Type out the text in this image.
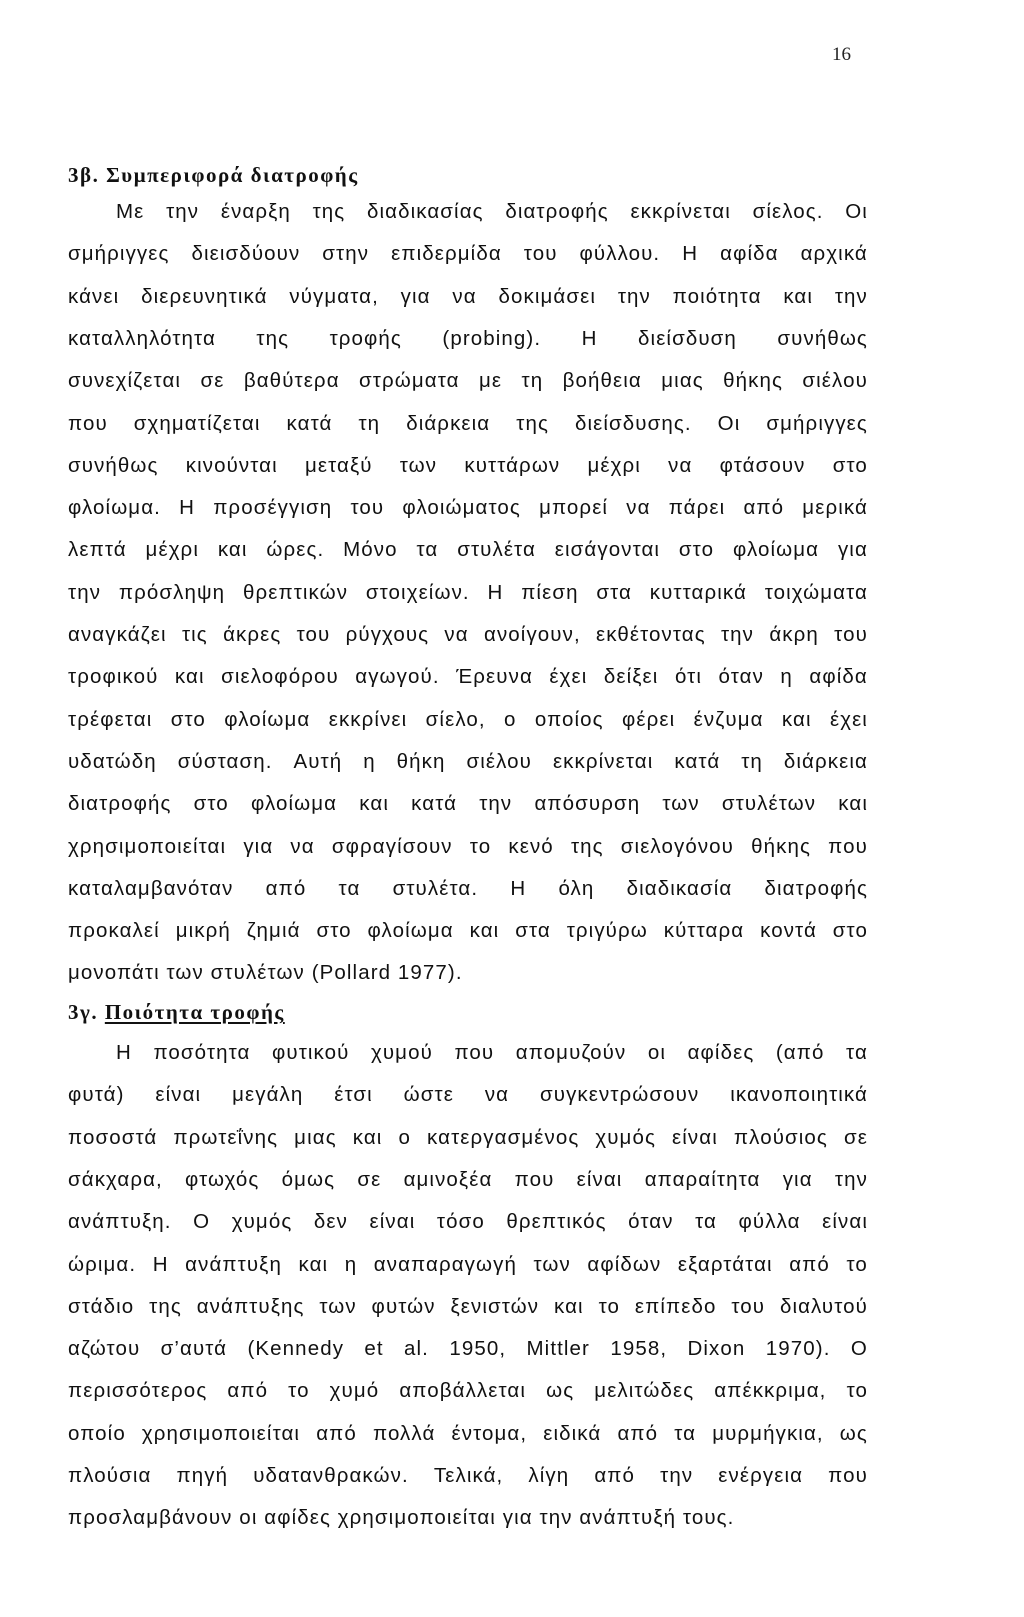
16
3β. Συμπεριφορά διατροφής
Με την έναρξη της διαδικασίας διατροφής εκκρίνεται σίελος. Οι
σμήριγγες διεισδύουν στην επιδερμίδα του φύλλου. Η αφίδα αρχικά
κάνει διερευνητικά νύγματα, για να δοκιμάσει την ποιότητα και την
καταλληλότητα της τροφής (probing). Η διείσδυση συνήθως
συνεχίζεται σε βαθύτερα στρώματα με τη βοήθεια μιας θήκης σιέλου
που σχηματίζεται κατά τη διάρκεια της διείσδυσης. Οι σμήριγγες
συνήθως κινούνται μεταξύ των κυττάρων μέχρι να φτάσουν στο
φλοίωμα. Η προσέγγιση του φλοιώματος μπορεί να πάρει από μερικά
λεπτά μέχρι και ώρες. Μόνο τα στυλέτα εισάγονται στο φλοίωμα για
την πρόσληψη θρεπτικών στοιχείων. Η πίεση στα κυτταρικά τοιχώματα
αναγκάζει τις άκρες του ρύγχους να ανοίγουν, εκθέτοντας την άκρη του
τροφικού και σιελοφόρου αγωγού. Έρευνα έχει δείξει ότι όταν η αφίδα
τρέφεται στο φλοίωμα εκκρίνει σίελο, ο οποίος φέρει ένζυμα και έχει
υδατώδη σύσταση. Αυτή η θήκη σιέλου εκκρίνεται κατά τη διάρκεια
διατροφής στο φλοίωμα και κατά την απόσυρση των στυλέτων και
χρησιμοποιείται για να σφραγίσουν το κενό της σιελογόνου θήκης που
καταλαμβανόταν από τα στυλέτα. Η όλη διαδικασία διατροφής
προκαλεί μικρή ζημιά στο φλοίωμα και στα τριγύρω κύτταρα κοντά στο
μονοπάτι των στυλέτων (Pollard 1977).
3γ. Ποιότητα τροφής
Η ποσότητα φυτικού χυμού που απομυζούν οι αφίδες (από τα
φυτά) είναι μεγάλη έτσι ώστε να συγκεντρώσουν ικανοποιητικά
ποσοστά πρωτεΐνης μιας και ο κατεργασμένος χυμός είναι πλούσιος σε
σάκχαρα, φτωχός όμως σε αμινοξέα που είναι απαραίτητα για την
ανάπτυξη. Ο χυμός δεν είναι τόσο θρεπτικός όταν τα φύλλα είναι
ώριμα. Η ανάπτυξη και η αναπαραγωγή των αφίδων εξαρτάται από το
στάδιο της ανάπτυξης των φυτών ξενιστών και το επίπεδο του διαλυτού
αζώτου σ’αυτά (Kennedy et al. 1950, Mittler 1958, Dixon 1970). Ο
περισσότερος από το χυμό αποβάλλεται ως μελιτώδες απέκκριμα, το
οποίο χρησιμοποιείται από πολλά έντομα, ειδικά από τα μυρμήγκια, ως
πλούσια πηγή υδατανθρακών. Τελικά, λίγη από την ενέργεια που
προσλαμβάνουν οι αφίδες χρησιμοποιείται για την ανάπτυξή τους.
